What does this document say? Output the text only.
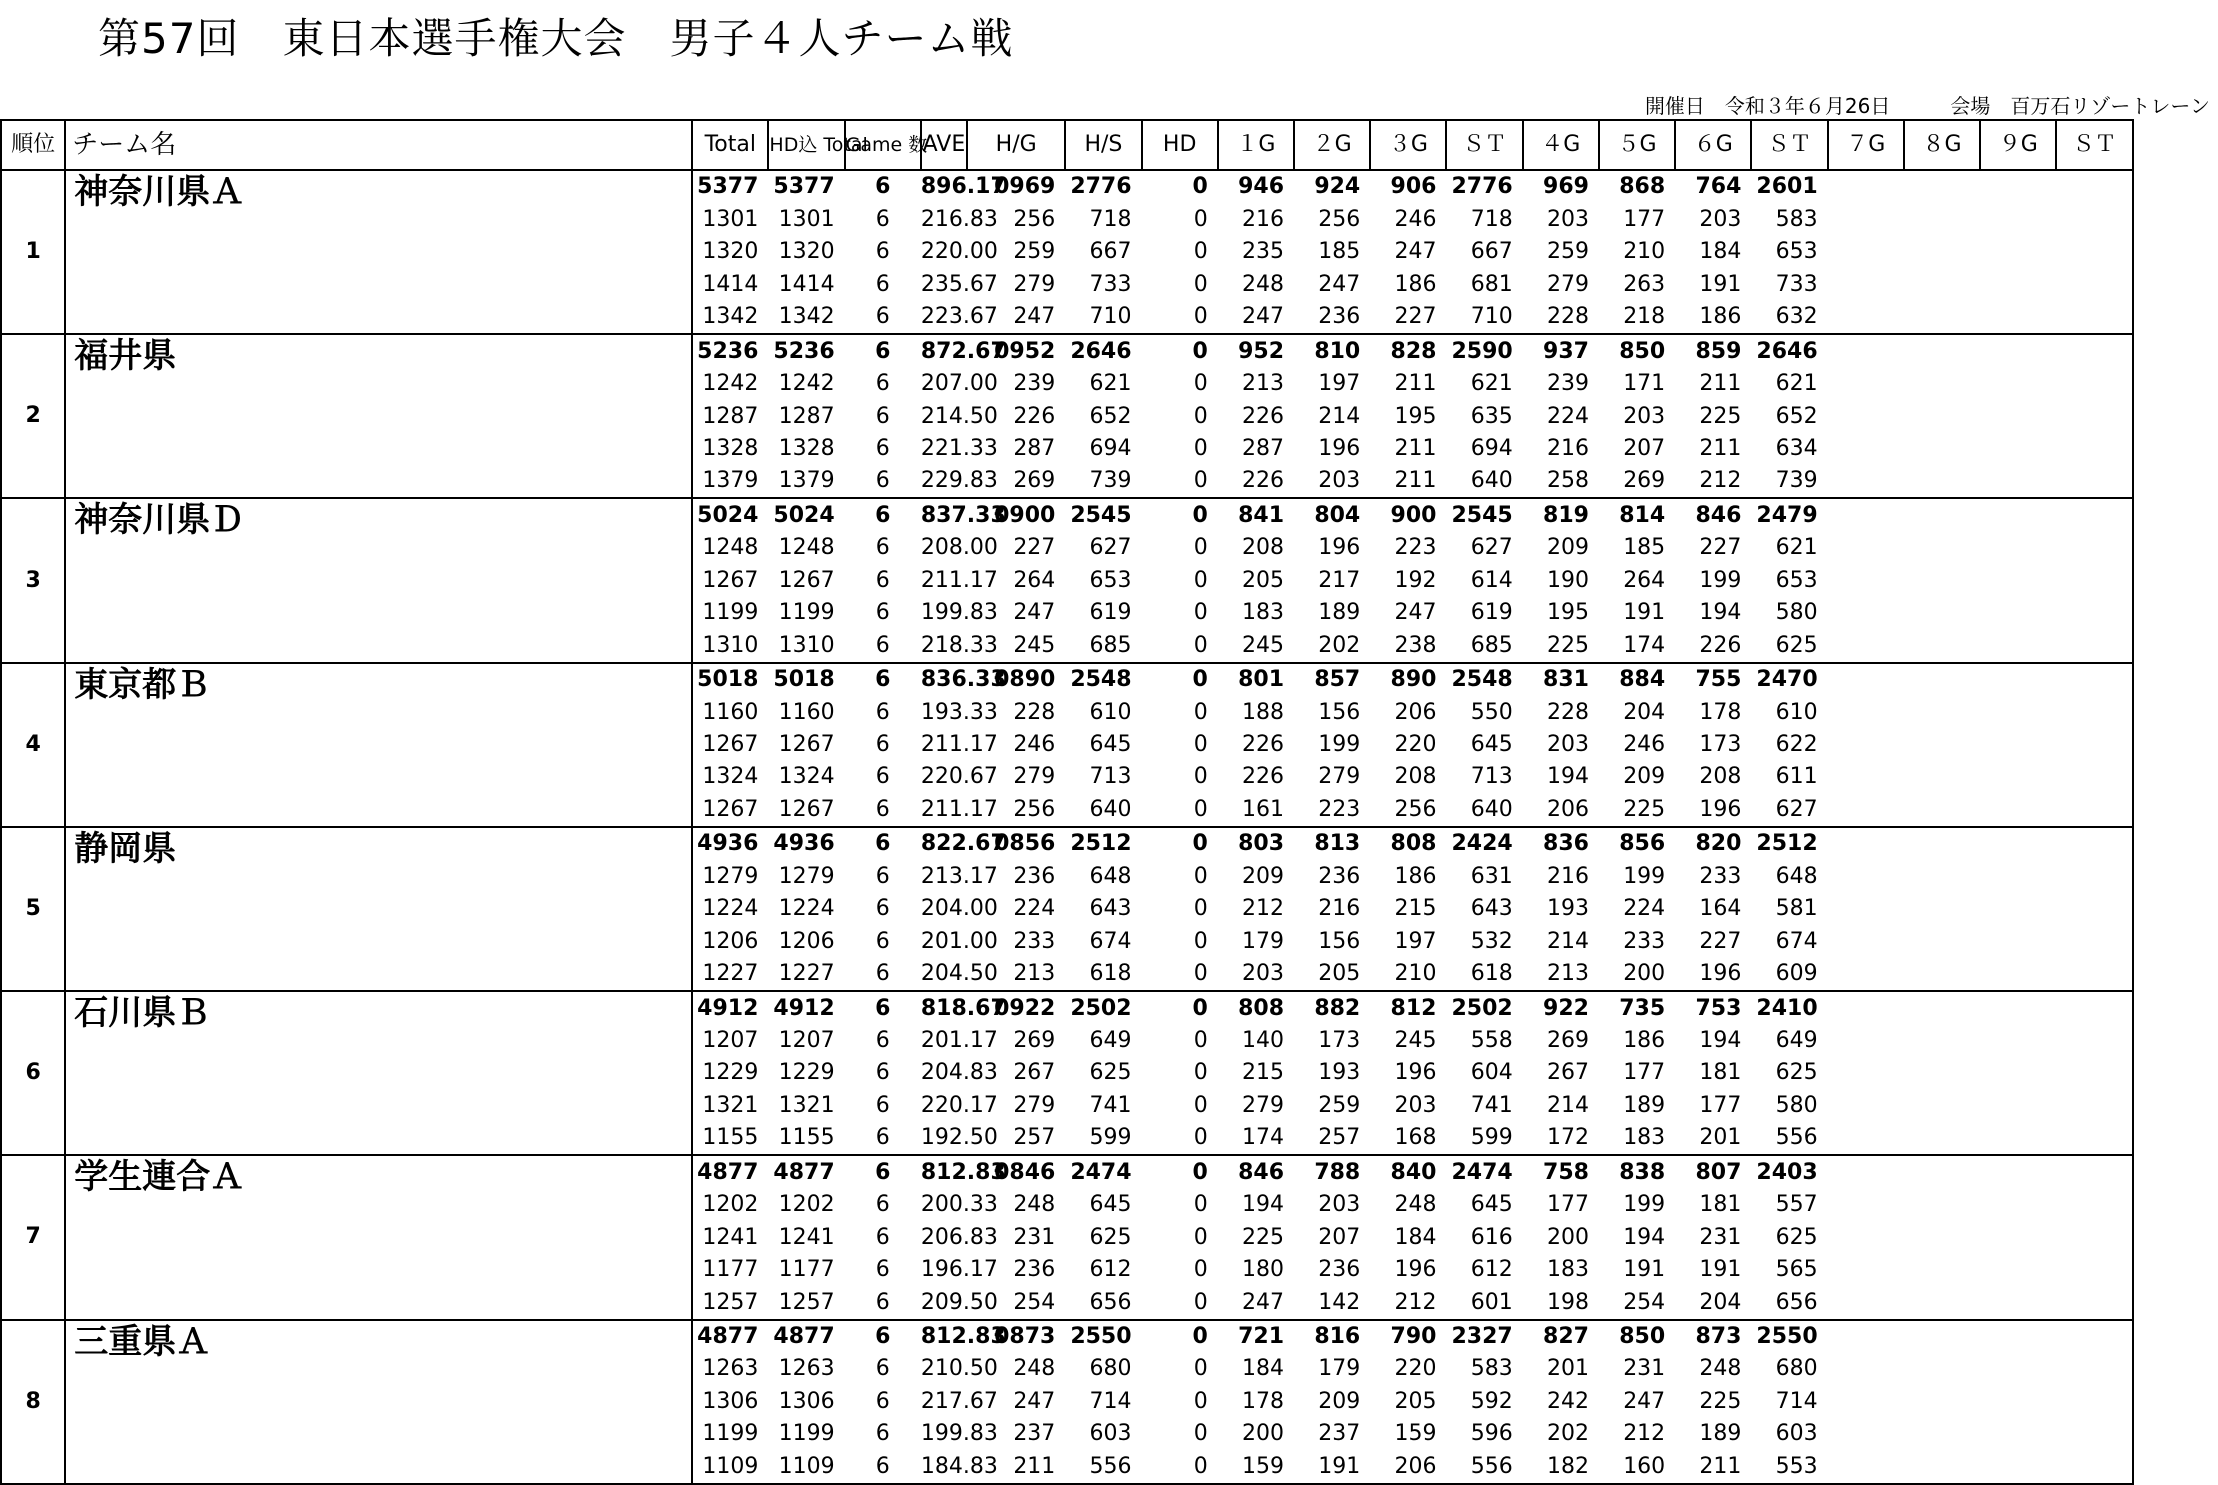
第57回　東日本選手権大会　男子４人チーム戦
開催日　令和３年６月26日　　　	会場　百万石リゾートレーン
順位	チーム名		Total	HD込 Total	Game 数	AVE	H/G	H/S	HD	１G	２G	３G	ＳＴ	４G	５G	６G	ＳＴ	７G	８G	９G	ＳＴ
1	神奈川県Ａ		5377	5377	6	896.17	0969	2776	0	946	924	906	2776	969	868	764	2601				
	1301	1301	6	216.83	256	718	0	216	256	246	718	203	177	203	583				
	1320	1320	6	220.00	259	667	0	235	185	247	667	259	210	184	653				
	1414	1414	6	235.67	279	733	0	248	247	186	681	279	263	191	733				
	1342	1342	6	223.67	247	710	0	247	236	227	710	228	218	186	632				
2	福井県		5236	5236	6	872.67	0952	2646	0	952	810	828	2590	937	850	859	2646				
	1242	1242	6	207.00	239	621	0	213	197	211	621	239	171	211	621				
	1287	1287	6	214.50	226	652	0	226	214	195	635	224	203	225	652				
	1328	1328	6	221.33	287	694	0	287	196	211	694	216	207	211	634				
	1379	1379	6	229.83	269	739	0	226	203	211	640	258	269	212	739				
3	神奈川県Ｄ		5024	5024	6	837.33	0900	2545	0	841	804	900	2545	819	814	846	2479				
	1248	1248	6	208.00	227	627	0	208	196	223	627	209	185	227	621				
	1267	1267	6	211.17	264	653	0	205	217	192	614	190	264	199	653				
	1199	1199	6	199.83	247	619	0	183	189	247	619	195	191	194	580				
	1310	1310	6	218.33	245	685	0	245	202	238	685	225	174	226	625				
4	東京都Ｂ		5018	5018	6	836.33	0890	2548	0	801	857	890	2548	831	884	755	2470				
	1160	1160	6	193.33	228	610	0	188	156	206	550	228	204	178	610				
	1267	1267	6	211.17	246	645	0	226	199	220	645	203	246	173	622				
	1324	1324	6	220.67	279	713	0	226	279	208	713	194	209	208	611				
	1267	1267	6	211.17	256	640	0	161	223	256	640	206	225	196	627				
5	静岡県		4936	4936	6	822.67	0856	2512	0	803	813	808	2424	836	856	820	2512				
	1279	1279	6	213.17	236	648	0	209	236	186	631	216	199	233	648				
	1224	1224	6	204.00	224	643	0	212	216	215	643	193	224	164	581				
	1206	1206	6	201.00	233	674	0	179	156	197	532	214	233	227	674				
	1227	1227	6	204.50	213	618	0	203	205	210	618	213	200	196	609				
6	石川県Ｂ		4912	4912	6	818.67	0922	2502	0	808	882	812	2502	922	735	753	2410				
	1207	1207	6	201.17	269	649	0	140	173	245	558	269	186	194	649				
	1229	1229	6	204.83	267	625	0	215	193	196	604	267	177	181	625				
	1321	1321	6	220.17	279	741	0	279	259	203	741	214	189	177	580				
	1155	1155	6	192.50	257	599	0	174	257	168	599	172	183	201	556				
7	学生連合Ａ		4877	4877	6	812.83	0846	2474	0	846	788	840	2474	758	838	807	2403				
	1202	1202	6	200.33	248	645	0	194	203	248	645	177	199	181	557				
	1241	1241	6	206.83	231	625	0	225	207	184	616	200	194	231	625				
	1177	1177	6	196.17	236	612	0	180	236	196	612	183	191	191	565				
	1257	1257	6	209.50	254	656	0	247	142	212	601	198	254	204	656				
8	三重県Ａ		4877	4877	6	812.83	0873	2550	0	721	816	790	2327	827	850	873	2550				
	1263	1263	6	210.50	248	680	0	184	179	220	583	201	231	248	680				
	1306	1306	6	217.67	247	714	0	178	209	205	592	242	247	225	714				
	1199	1199	6	199.83	237	603	0	200	237	159	596	202	212	189	603				
	1109	1109	6	184.83	211	556	0	159	191	206	556	182	160	211	553				
